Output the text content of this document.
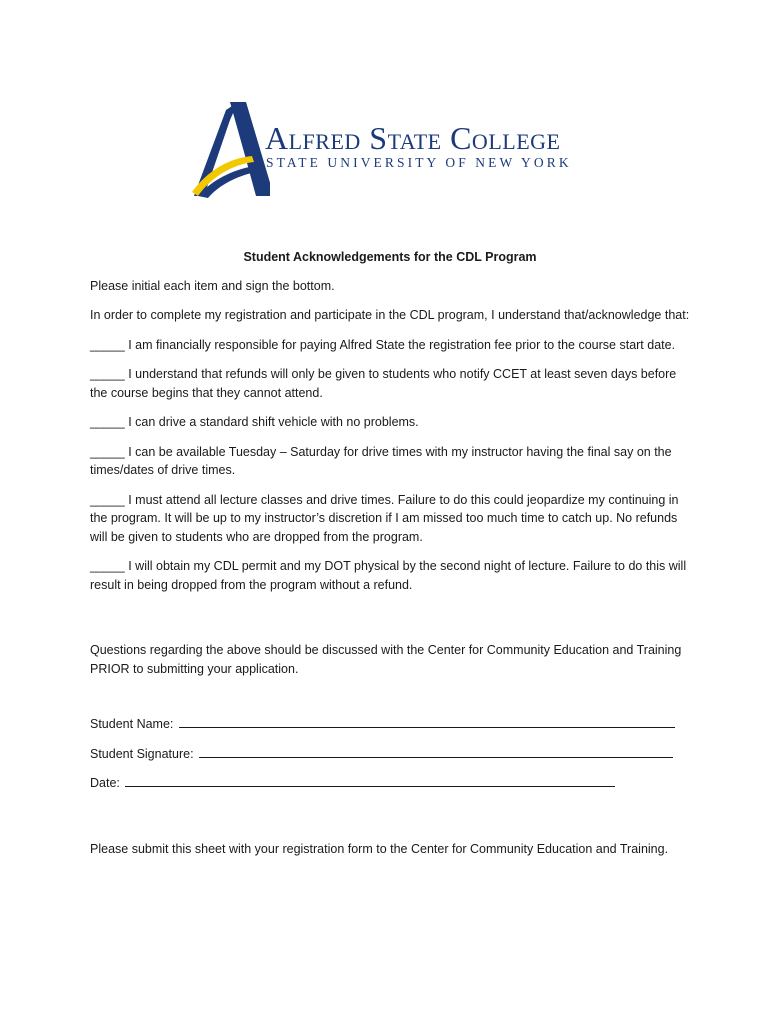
Alfred State College
STATE UNIVERSITY OF NEW YORK
Student Acknowledgements for the CDL Program

Please initial each item and sign the bottom.

In order to complete my registration and participate in the CDL program, I understand that/acknowledge that:

_____ I am financially responsible for paying Alfred State the registration fee prior to the course start date.

_____ I understand that refunds will only be given to students who notify CCET at least seven days before the course begins that they cannot attend.

_____ I can drive a standard shift vehicle with no problems.

_____ I can be available Tuesday – Saturday for drive times with my instructor having the final say on the times/dates of drive times.

_____ I must attend all lecture classes and drive times. Failure to do this could jeopardize my continuing in the program. It will be up to my instructor’s discretion if I am missed too much time to catch up. No refunds will be given to students who are dropped from the program.

_____ I will obtain my CDL permit and my DOT physical by the second night of lecture. Failure to do this will result in being dropped from the program without a refund.

Questions regarding the above should be discussed with the Center for Community Education and Training PRIOR to submitting your application.

Student Name:
Student Signature:
Date:

Please submit this sheet with your registration form to the Center for Community Education and Training.
